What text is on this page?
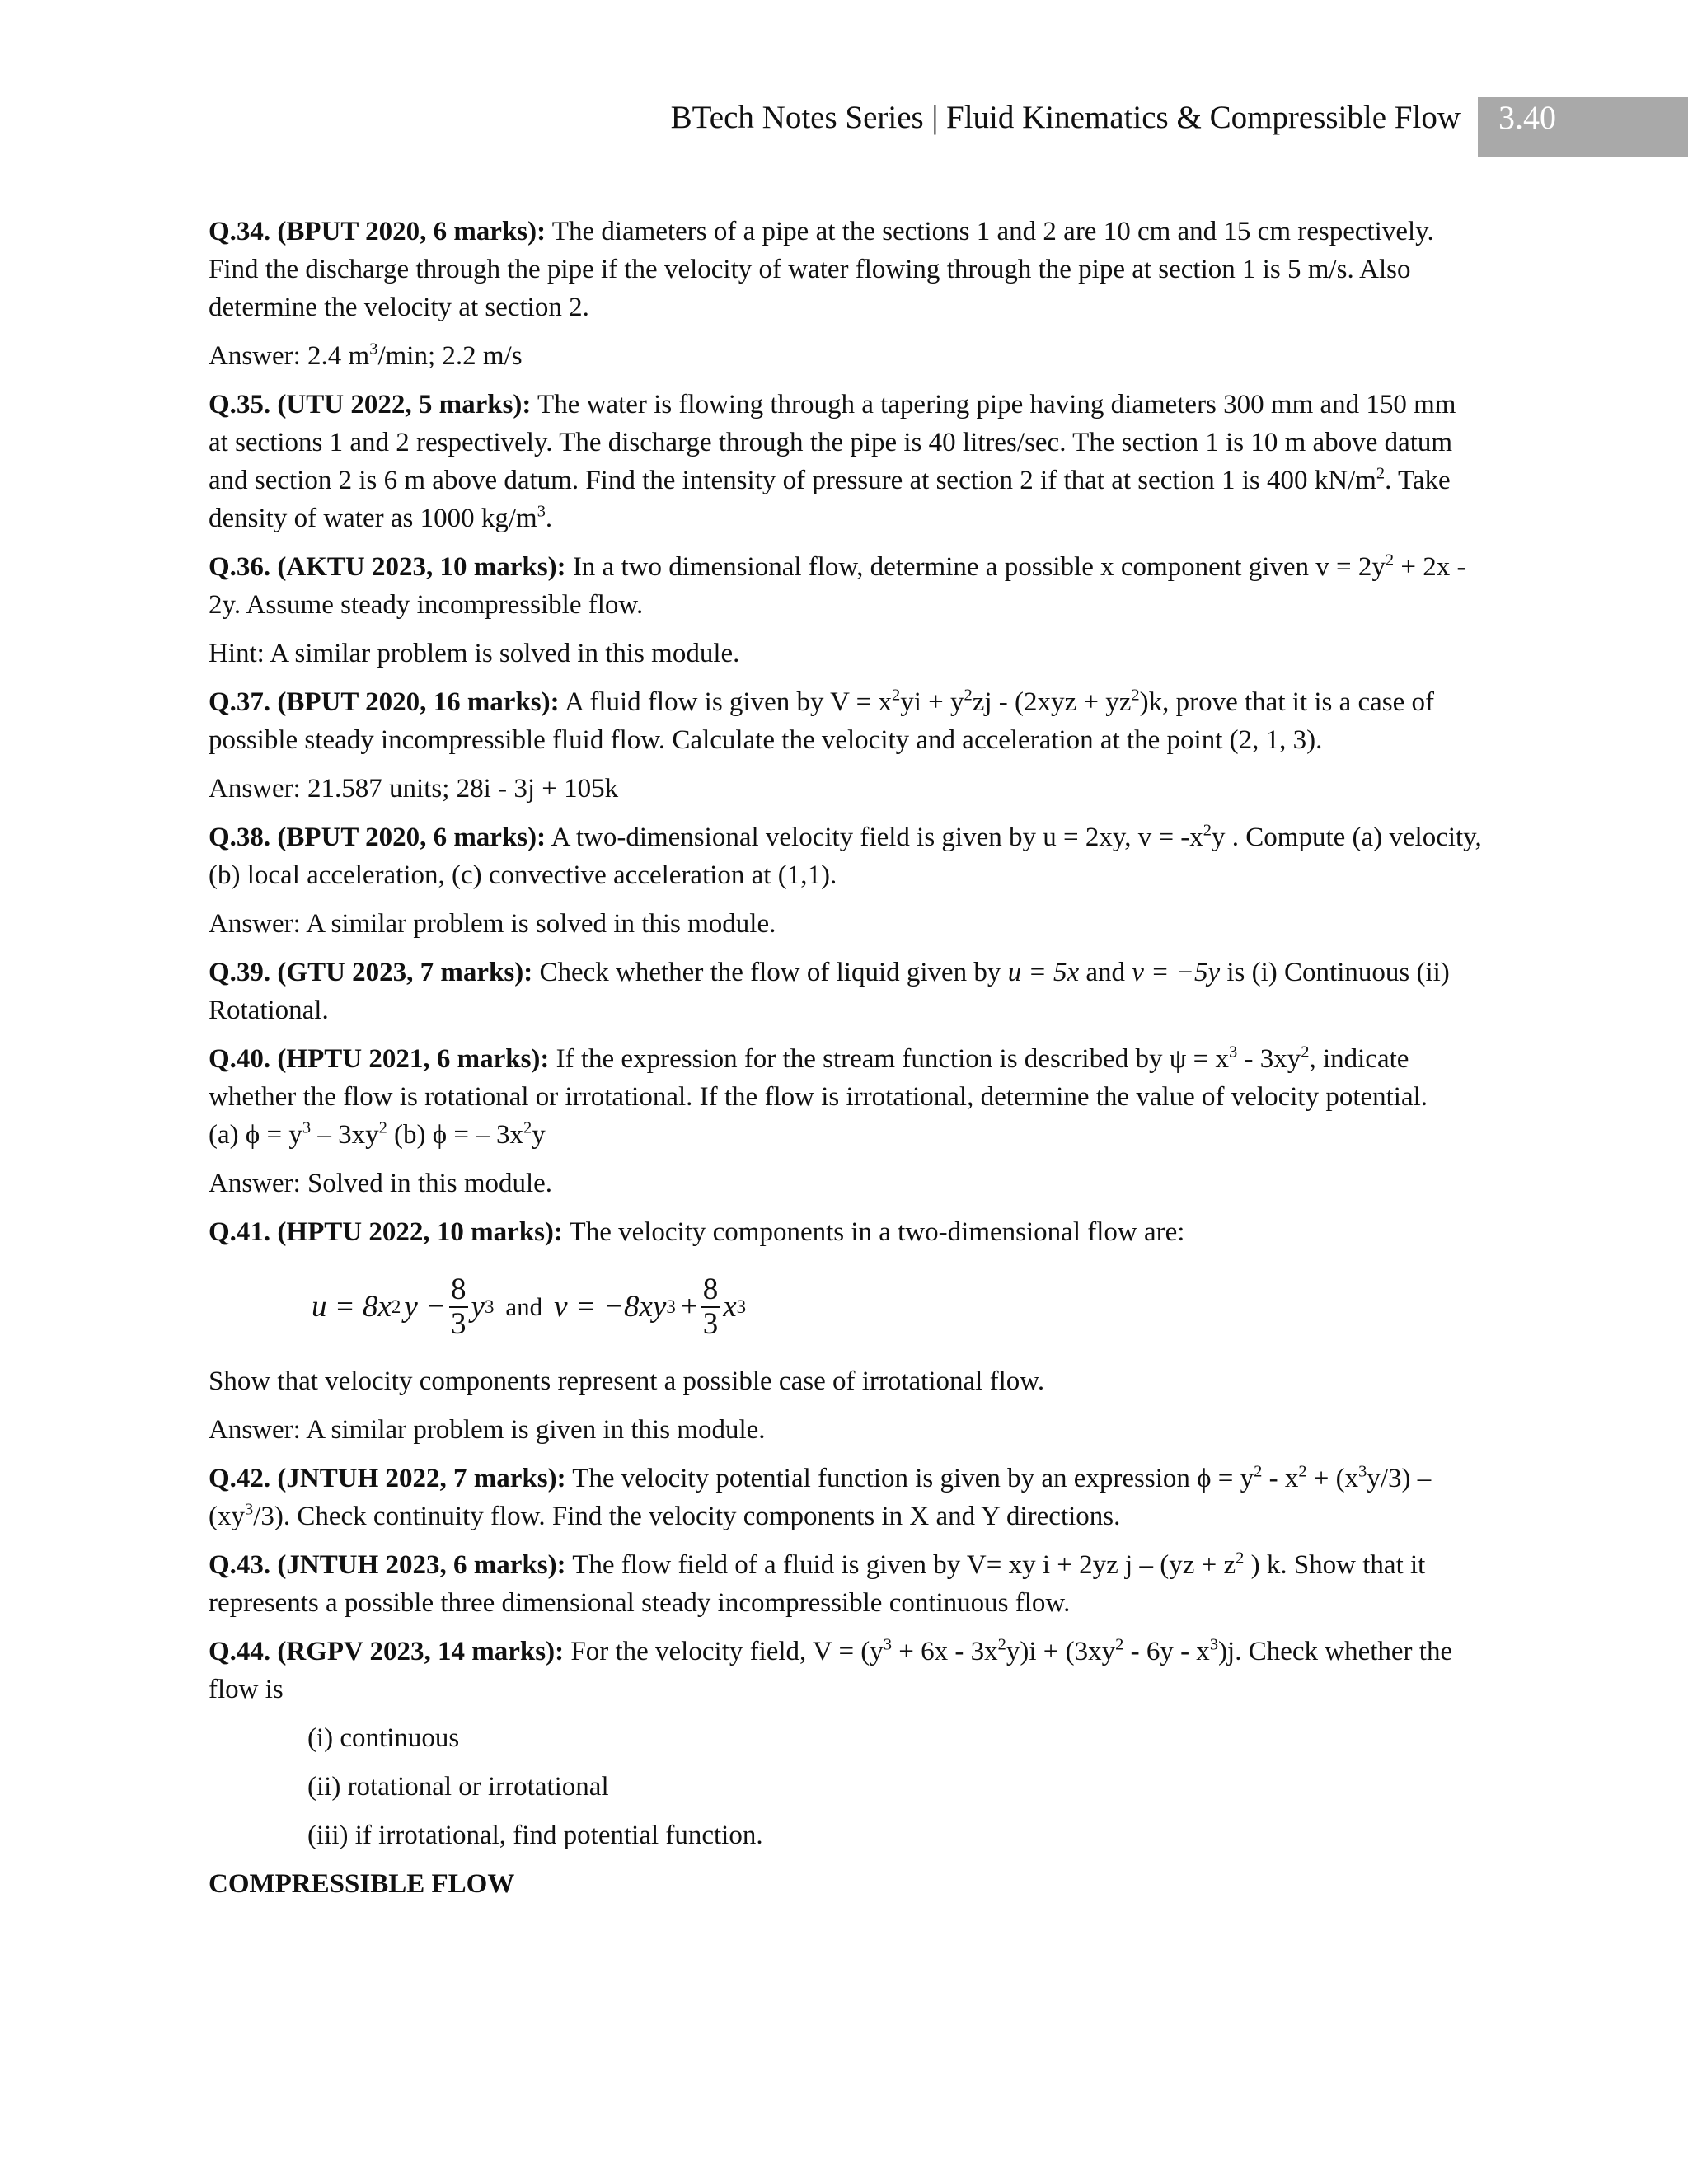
BTech Notes Series | Fluid Kinematics & Compressible Flow	3.40
Q.34. (BPUT 2020, 6 marks): The diameters of a pipe at the sections 1 and 2 are 10 cm and 15 cm respectively. Find the discharge through the pipe if the velocity of water flowing through the pipe at section 1 is 5 m/s. Also determine the velocity at section 2.
Answer: 2.4 $m^3/\min$; 2.2 m/s
Q.35. (UTU 2022, 5 marks): The water is flowing through a tapering pipe having diameters 300 mm and 150 mm at sections 1 and 2 respectively. The discharge through the pipe is 40 litres/sec. The section 1 is 10 m above datum and section 2 is 6 m above datum. Find the intensity of pressure at section 2 if that at section 1 is 400 $kN/m^2$. Take density of water as 1000 $kg/m^3$.
Q.36. (AKTU 2023, 10 marks): In a two dimensional flow, determine a possible x component given $v = 2y^2 + 2x - 2y$. Assume steady incompressible flow.
Hint: A similar problem is solved in this module.
Q.37. (BPUT 2020, 16 marks): A fluid flow is given by $V = x^2yi + y^2zj - (2xyz + yz^2)k$, prove that it is a case of possible steady incompressible fluid flow. Calculate the velocity and acceleration at the point (2, 1, 3).
Answer: 21.587 units; 28i - 3j + 105k
Q.38. (BPUT 2020, 6 marks): A two-dimensional velocity field is given by u = 2xy, $v = -x^2y$ . Compute (a) velocity, (b) local acceleration, (c) convective acceleration at (1,1).
Answer: A similar problem is solved in this module.
Q.39. (GTU 2023, 7 marks): Check whether the flow of liquid given by u = 5x and v = −5y is (i) Continuous (ii) Rotational.
Q.40. (HPTU 2021, 6 marks): If the expression for the stream function is described by $\psi = x^3 - 3xy^2$, indicate whether the flow is rotational or irrotational. If the flow is irrotational, determine the value of velocity potential.
(a) $\phi = y^3 - 3xy^2$ (b) ϕ = – $3x^2y$
Answer: Solved in this module.
Q.41. (HPTU 2022, 10 marks): The velocity components in a two-dimensional flow are:
u = 8x 2 $y - \frac{8}{3}$ y 3 and v = −8xy $3 + \frac{8}{3}$ x 3
Show that velocity components represent a possible case of irrotational flow.
Answer: A similar problem is given in this module.
Q.42. (JNTUH 2022, 7 marks): The velocity potential function is given by an expression $\phi = y^2 - x^2 + (x^3y/3) - (xy^3/3)$. Check continuity flow. Find the velocity components in X and Y directions.
Q.43. (JNTUH 2023, 6 marks): The flow field of a fluid is given by V= xy i + 2yz $j - (yz + z^2$ ) k. Show that it represents a possible three dimensional steady incompressible continuous flow.
Q.44. (RGPV 2023, 14 marks): For the velocity field, $V = (y^3 + 6x - 3x^2y)i + (3xy^2 - 6y - x^3)j$. Check whether the flow is
(i) continuous
(ii) rotational or irrotational
(iii) if irrotational, find potential function.
COMPRESSIBLE FLOW
